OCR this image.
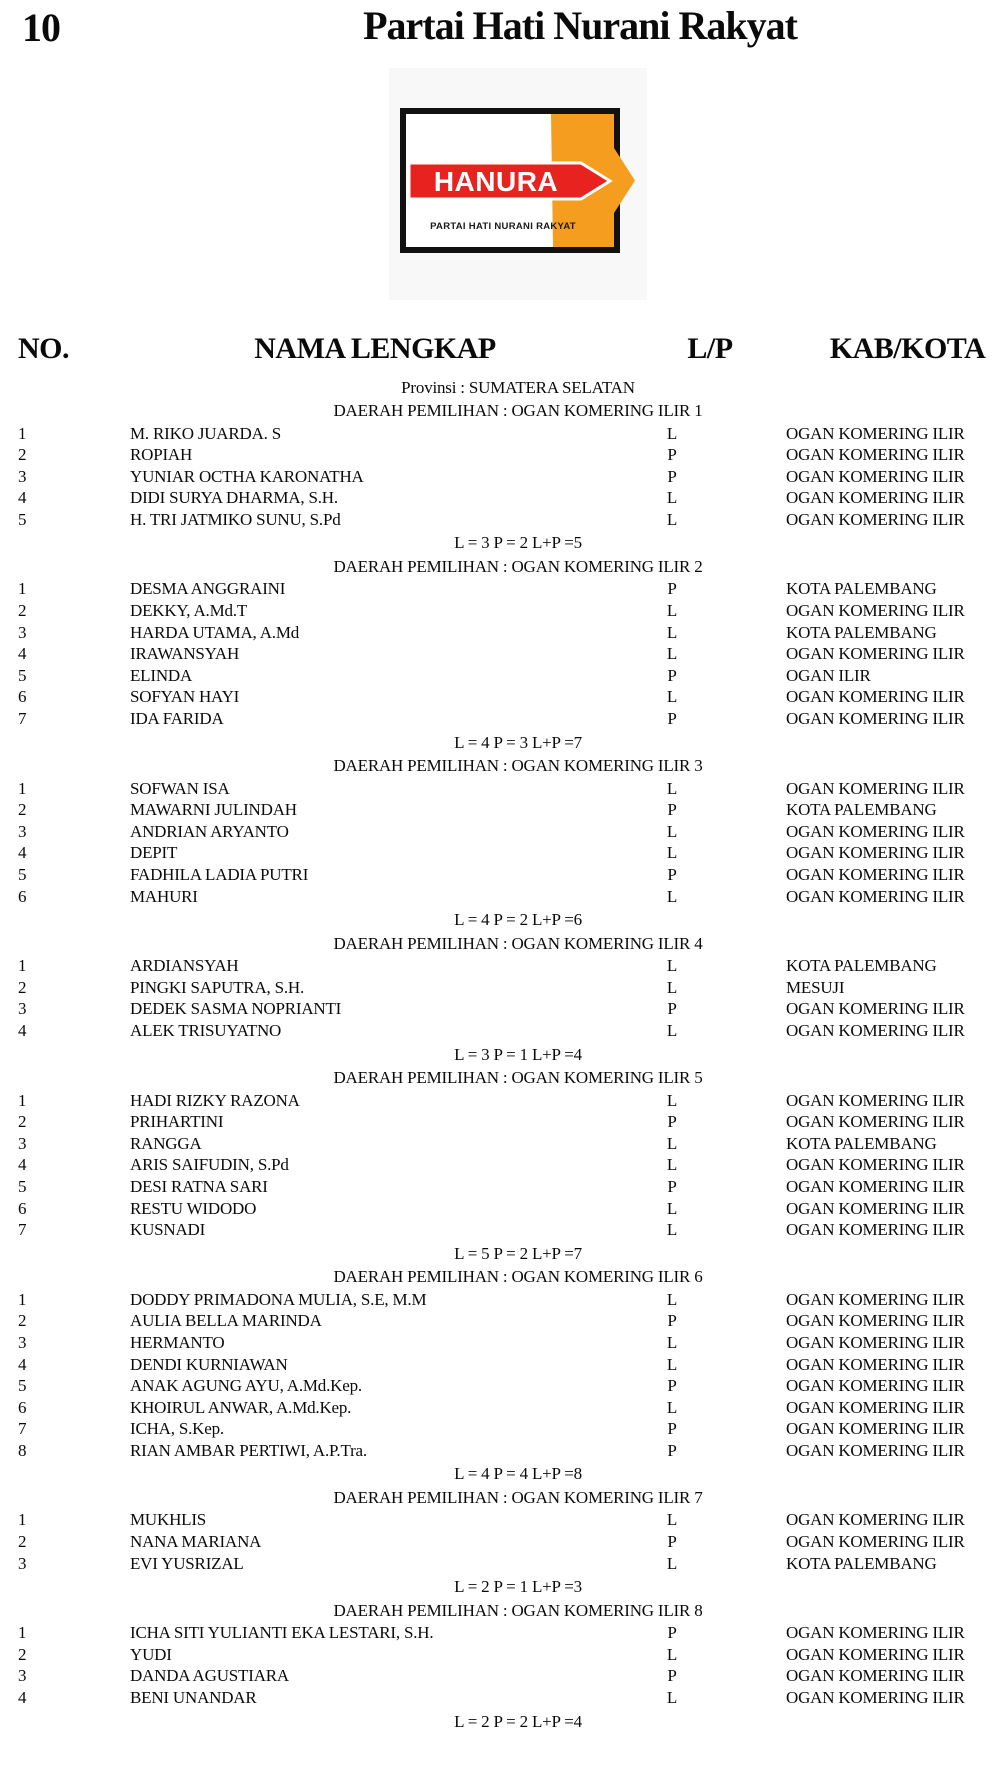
10	Partai Hati Nurani Rakyat
HANURA
PARTAI HATI NURANI RAKYAT
NO.	NAMA LENGKAP	L/P	KAB/KOTA
Provinsi : SUMATERA SELATAN
DAERAH PEMILIHAN : OGAN KOMERING ILIR 1
1	M. RIKO JUARDA. S	L	OGAN KOMERING ILIR
2	ROPIAH	P	OGAN KOMERING ILIR
3	YUNIAR OCTHA KARONATHA	P	OGAN KOMERING ILIR
4	DIDI SURYA DHARMA, S.H.	L	OGAN KOMERING ILIR
5	H. TRI JATMIKO SUNU, S.Pd	L	OGAN KOMERING ILIR
L = 3 P = 2 L+P =5
DAERAH PEMILIHAN : OGAN KOMERING ILIR 2
1	DESMA ANGGRAINI	P	KOTA PALEMBANG
2	DEKKY, A.Md.T	L	OGAN KOMERING ILIR
3	HARDA UTAMA, A.Md	L	KOTA PALEMBANG
4	IRAWANSYAH	L	OGAN KOMERING ILIR
5	ELINDA	P	OGAN ILIR
6	SOFYAN HAYI	L	OGAN KOMERING ILIR
7	IDA FARIDA	P	OGAN KOMERING ILIR
L = 4 P = 3 L+P =7
DAERAH PEMILIHAN : OGAN KOMERING ILIR 3
1	SOFWAN ISA	L	OGAN KOMERING ILIR
2	MAWARNI JULINDAH	P	KOTA PALEMBANG
3	ANDRIAN ARYANTO	L	OGAN KOMERING ILIR
4	DEPIT	L	OGAN KOMERING ILIR
5	FADHILA LADIA PUTRI	P	OGAN KOMERING ILIR
6	MAHURI	L	OGAN KOMERING ILIR
L = 4 P = 2 L+P =6
DAERAH PEMILIHAN : OGAN KOMERING ILIR 4
1	ARDIANSYAH	L	KOTA PALEMBANG
2	PINGKI SAPUTRA, S.H.	L	MESUJI
3	DEDEK SASMA NOPRIANTI	P	OGAN KOMERING ILIR
4	ALEK TRISUYATNO	L	OGAN KOMERING ILIR
L = 3 P = 1 L+P =4
DAERAH PEMILIHAN : OGAN KOMERING ILIR 5
1	HADI RIZKY RAZONA	L	OGAN KOMERING ILIR
2	PRIHARTINI	P	OGAN KOMERING ILIR
3	RANGGA	L	KOTA PALEMBANG
4	ARIS SAIFUDIN, S.Pd	L	OGAN KOMERING ILIR
5	DESI RATNA SARI	P	OGAN KOMERING ILIR
6	RESTU WIDODO	L	OGAN KOMERING ILIR
7	KUSNADI	L	OGAN KOMERING ILIR
L = 5 P = 2 L+P =7
DAERAH PEMILIHAN : OGAN KOMERING ILIR 6
1	DODDY PRIMADONA MULIA, S.E, M.M	L	OGAN KOMERING ILIR
2	AULIA BELLA MARINDA	P	OGAN KOMERING ILIR
3	HERMANTO	L	OGAN KOMERING ILIR
4	DENDI KURNIAWAN	L	OGAN KOMERING ILIR
5	ANAK AGUNG AYU, A.Md.Kep.	P	OGAN KOMERING ILIR
6	KHOIRUL ANWAR, A.Md.Kep.	L	OGAN KOMERING ILIR
7	ICHA, S.Kep.	P	OGAN KOMERING ILIR
8	RIAN AMBAR PERTIWI, A.P.Tra.	P	OGAN KOMERING ILIR
L = 4 P = 4 L+P =8
DAERAH PEMILIHAN : OGAN KOMERING ILIR 7
1	MUKHLIS	L	OGAN KOMERING ILIR
2	NANA MARIANA	P	OGAN KOMERING ILIR
3	EVI YUSRIZAL	L	KOTA PALEMBANG
L = 2 P = 1 L+P =3
DAERAH PEMILIHAN : OGAN KOMERING ILIR 8
1	ICHA SITI YULIANTI EKA LESTARI, S.H.	P	OGAN KOMERING ILIR
2	YUDI	L	OGAN KOMERING ILIR
3	DANDA AGUSTIARA	P	OGAN KOMERING ILIR
4	BENI UNANDAR	L	OGAN KOMERING ILIR
L = 2 P = 2 L+P =4
